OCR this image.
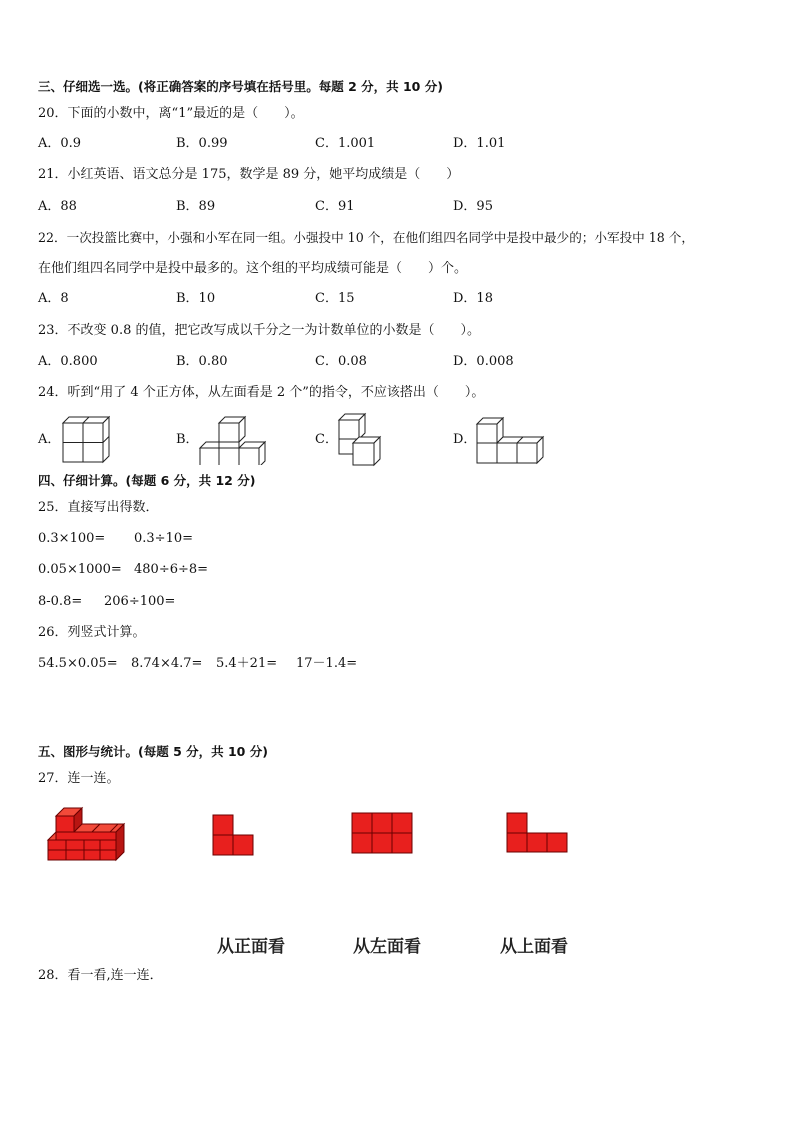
三、仔细选一选。(将正确答案的序号填在括号里。每题 2 分，共 10 分)
20．下面的小数中，离“1”最近的是（　　）。
A．0.9	B．0.99	C．1.001	D．1.01
21．小红英语、语文总分是 175，数学是 89 分，她平均成绩是（　　）
A．88	B．89	C．91	D．95
22．一次投篮比赛中，小强和小军在同一组。小强投中 10 个，在他们组四名同学中是投中最少的；小军投中 18 个，
在他们组四名同学中是投中最多的。这个组的平均成绩可能是（　　）个。
A．8	B．10	C．15	D．18
23．不改变 0.8 的值，把它改写成以千分之一为计数单位的小数是（　　）。
A．0.800	B．0.80	C．0.08	D．0.008
24．听到“用了 4 个正方体，从左面看是 2 个”的指令，不应该搭出（　　）。
A．	B．	C．	D．
四、仔细计算。(每题 6 分，共 12 分)
25．直接写出得数．
0.3×100= 0.3÷10=
0.05×1000= 480÷6÷8=
8-0.8= 206÷100=
26．列竖式计算。
54.5×0.05= 8.74×4.7= 5.4＋21= 17－1.4=
五、图形与统计。(每题 5 分，共 10 分)
27．连一连。
从正面看	从左面看	从上面看
28．看一看,连一连．
